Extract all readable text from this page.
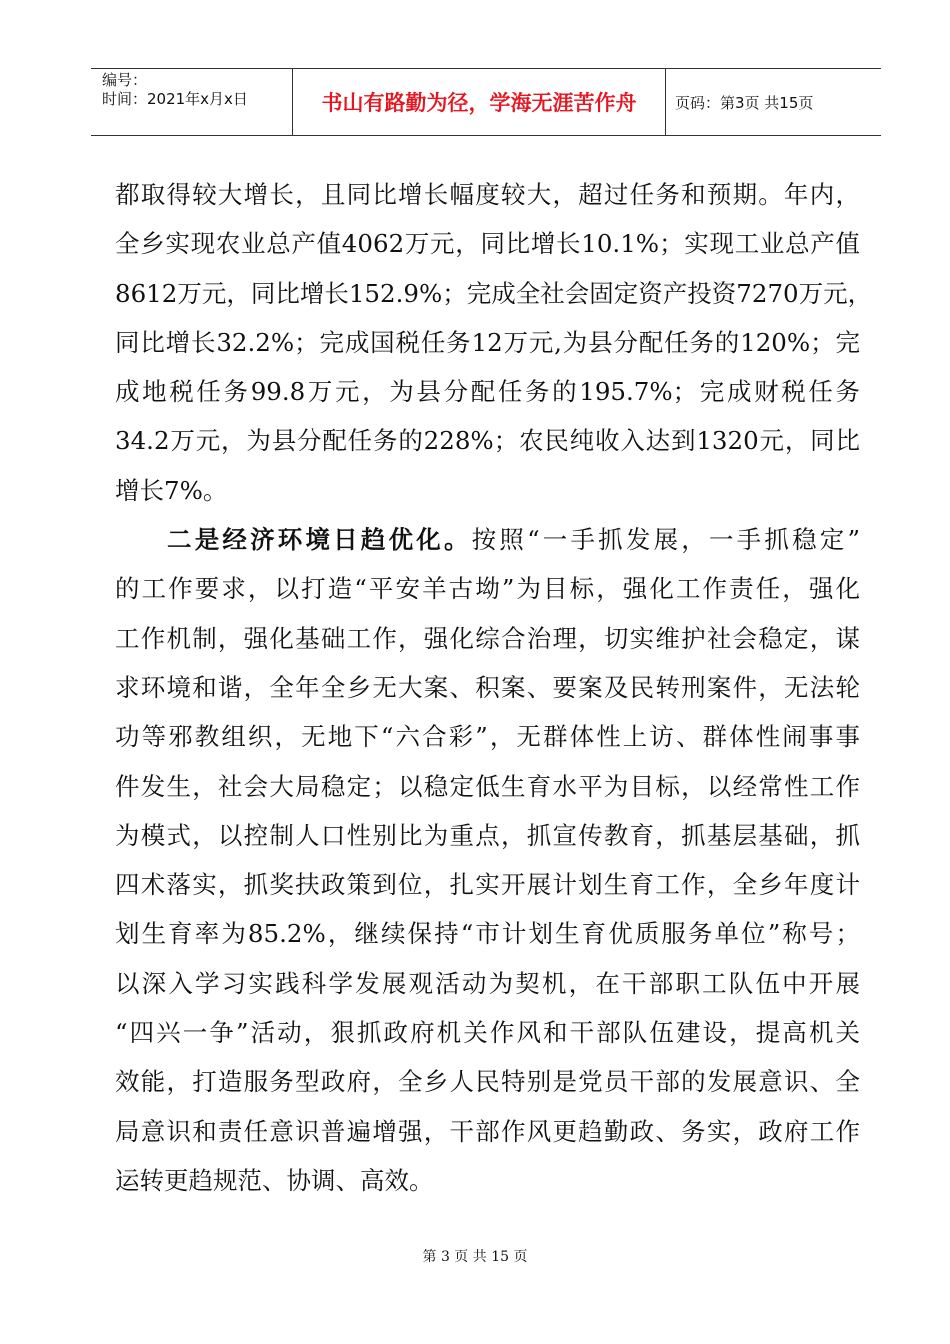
编号：
时间：2021年x月x日	书山有路勤为径，学海无涯苦作舟	页码：第3页 共15页
都取得较大增长，且同比增长幅度较大，超过任务和预期。年内，
全乡实现农业总产值4062万元，同比增长10.1%；实现工业总产值
8612万元，同比增长152.9%；完成全社会固定资产投资7270万元，
同比增长32.2%；完成国税任务12万元,为县分配任务的120%；完
成地税任务99.8万元，为县分配任务的195.7%；完成财税任务
34.2万元，为县分配任务的228%；农民纯收入达到1320元，同比
增长7%。
二是经济环境日趋优化。按照“一手抓发展，一手抓稳定”
的工作要求，以打造“平安羊古坳”为目标，强化工作责任，强化
工作机制，强化基础工作，强化综合治理，切实维护社会稳定，谋
求环境和谐，全年全乡无大案、积案、要案及民转刑案件，无法轮
功等邪教组织，无地下“六合彩”，无群体性上访、群体性闹事事
件发生，社会大局稳定；以稳定低生育水平为目标，以经常性工作
为模式，以控制人口性别比为重点，抓宣传教育，抓基层基础，抓
四术落实，抓奖扶政策到位，扎实开展计划生育工作，全乡年度计
划生育率为85.2%，继续保持“市计划生育优质服务单位”称号；
以深入学习实践科学发展观活动为契机，在干部职工队伍中开展
“四兴一争”活动，狠抓政府机关作风和干部队伍建设，提高机关
效能，打造服务型政府，全乡人民特别是党员干部的发展意识、全
局意识和责任意识普遍增强，干部作风更趋勤政、务实，政府工作
运转更趋规范、协调、高效。
第 3 页 共 15 页
